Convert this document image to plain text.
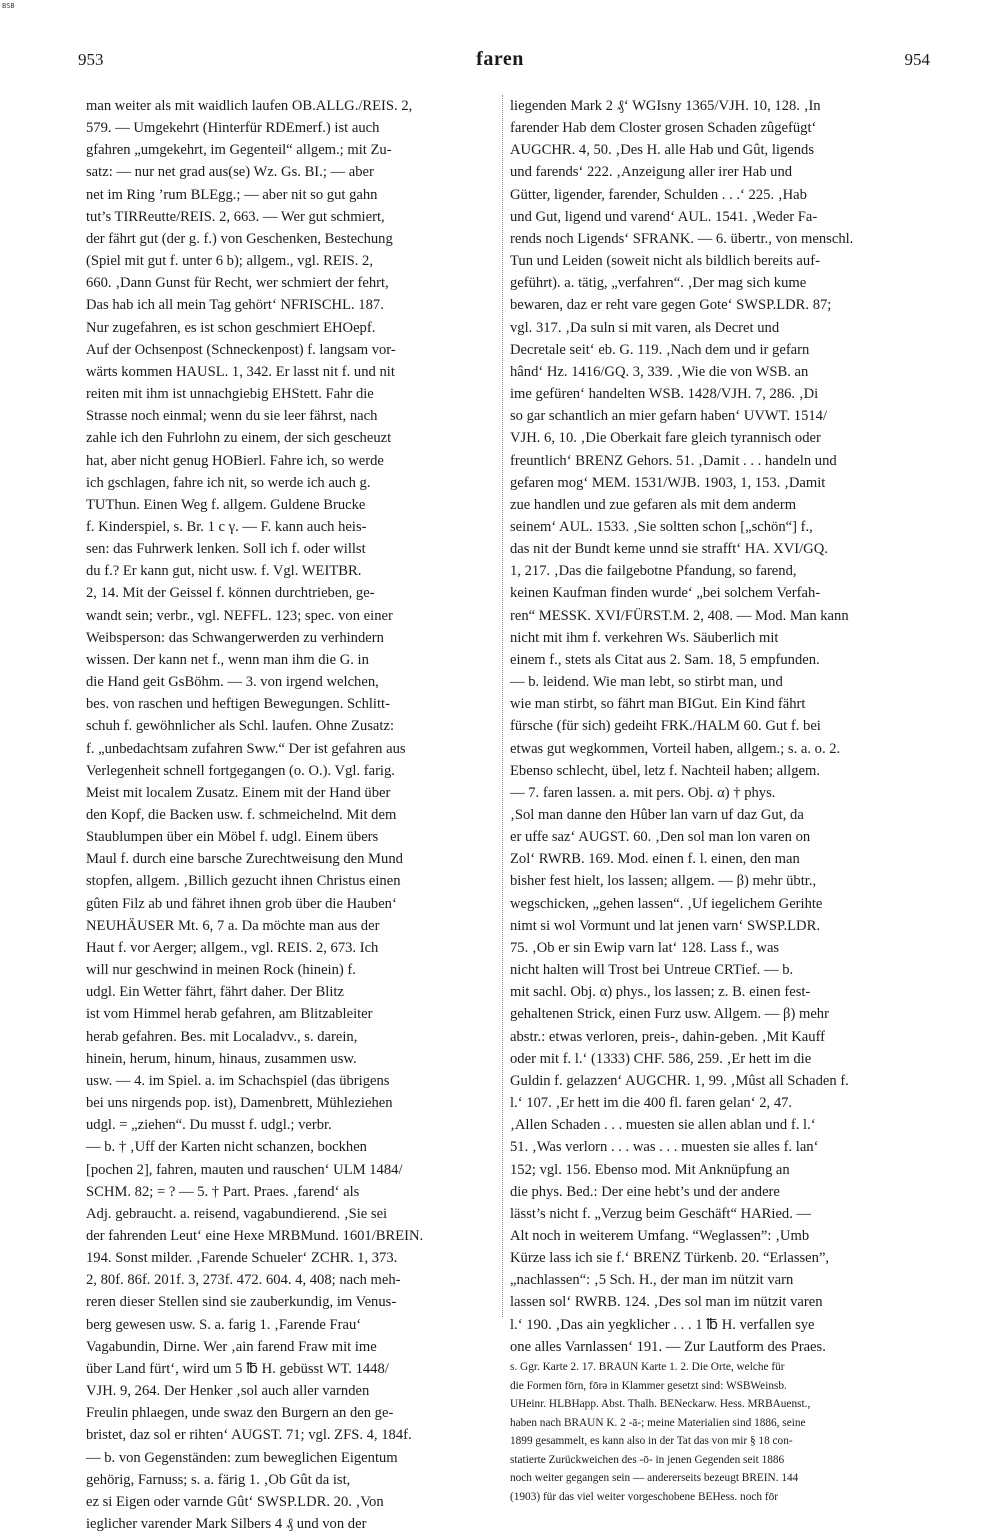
BSB
953	faren	954
man weiter als mit waidlich laufen OB.ALLG./REIS. 2,
579. — Umgekehrt (Hinterfür RDEmerf.) ist auch
gfahren „umgekehrt, im Gegenteil“ allgem.; mit Zu-
satz: — nur net grad aus(se) Wz. Gs. BI.; — aber
net im Ring ’rum BLEgg.; — aber nit so gut gahn
tut’s TIRReutte/REIS. 2, 663. — Wer gut schmiert,
der fährt gut (der g. f.) von Geschenken, Bestechung
(Spiel mit gut f. unter 6 b); allgem., vgl. REIS. 2,
660. ‚Dann Gunst für Recht, wer schmiert der fehrt,
Das hab ich all mein Tag gehört‘ NFRISCHL. 187.
Nur zugefahren, es ist schon geschmiert EHOepf.
Auf der Ochsenpost (Schneckenpost) f. langsam vor-
wärts kommen HAUSL. 1, 342. Er lasst nit f. und nit
reiten mit ihm ist unnachgiebig EHStett. Fahr die
Strasse noch einmal; wenn du sie leer fährst, nach
zahle ich den Fuhrlohn zu einem, der sich gescheuzt
hat, aber nicht genug HOBierl. Fahre ich, so werde
ich gschlagen, fahre ich nit, so werde ich auch g.
TUThun. Einen Weg f. allgem. Guldene Brucke
f. Kinderspiel, s. Br. 1 c γ. — F. kann auch heis-
sen: das Fuhrwerk lenken. Soll ich f. oder willst
du f.? Er kann gut, nicht usw. f. Vgl. WEITBR.
2, 14. Mit der Geissel f. können durchtrieben, ge-
wandt sein; verbr., vgl. NEFFL. 123; spec. von einer
Weibsperson: das Schwangerwerden zu verhindern
wissen. Der kann net f., wenn man ihm die G. in
die Hand geit GsBöhm. — 3. von irgend welchen,
bes. von raschen und heftigen Bewegungen. Schlitt-
schuh f. gewöhnlicher als Schl. laufen. Ohne Zusatz:
f. „unbedachtsam zufahren Sww.“ Der ist gefahren aus
Verlegenheit schnell fortgegangen (o. O.). Vgl. farig.
Meist mit localem Zusatz. Einem mit der Hand über
den Kopf, die Backen usw. f. schmeichelnd. Mit dem
Staublumpen über ein Möbel f. udgl. Einem übers
Maul f. durch eine barsche Zurechtweisung den Mund
stopfen, allgem. ‚Billich gezucht ihnen Christus einen
gûten Filz ab und fähret ihnen grob über die Hauben‘
NEUHÄUSER Mt. 6, 7 a. Da möchte man aus der
Haut f. vor Aerger; allgem., vgl. REIS. 2, 673. Ich
will nur geschwind in meinen Rock (hinein) f.
udgl. Ein Wetter fährt, fährt daher. Der Blitz
ist vom Himmel herab gefahren, am Blitzableiter
herab gefahren. Bes. mit Localadvv., s. darein,
hinein, herum, hinum, hinaus, zusammen usw.
usw. — 4. im Spiel. a. im Schachspiel (das übrigens
bei uns nirgends pop. ist), Damenbrett, Mühleziehen
udgl. = „ziehen“. Du musst f. udgl.; verbr.
— b. † ‚Uff der Karten nicht schanzen, bockhen
[pochen 2], fahren, mauten und rauschen‘ ULM 1484/
SCHM. 82; = ? — 5. † Part. Praes. ‚farend‘ als
Adj. gebraucht. a. reisend, vagabundierend. ‚Sie sei
der fahrenden Leut‘ eine Hexe MRBMund. 1601/BREIN.
194. Sonst milder. ‚Farende Schueler‘ ZCHR. 1, 373.
2, 80f. 86f. 201f. 3, 273f. 472. 604. 4, 408; nach meh-
reren dieser Stellen sind sie zauberkundig, im Venus-
berg gewesen usw. S. a. farig 1. ‚Farende Frau‘
Vagabundin, Dirne. Wer ‚ain farend Fraw mit ime
über Land fürt‘, wird um 5 ℔ H. gebüsst WT. 1448/
VJH. 9, 264. Der Henker ‚sol auch aller varnden
Freulin phlaegen, unde swaz den Burgern an den ge-
bristet, daz sol er rihten‘ AUGST. 71; vgl. ZFS. 4, 184f.
— b. von Gegenständen: zum beweglichen Eigentum
gehörig, Farnuss; s. a. färig 1. ‚Ob Gût da ist,
ez si Eigen oder varnde Gût‘ SWSP.LDR. 20. ‚Von
ieglicher varender Mark Silbers 4 ₰ und von der
liegenden Mark 2 ₰‘ WGIsny 1365/VJH. 10, 128. ‚In
farender Hab dem Closter grosen Schaden zûgefügt‘
AUGCHR. 4, 50. ‚Des H. alle Hab und Gût, ligends
und farends‘ 222. ‚Anzeigung aller irer Hab und
Gütter, ligender, farender, Schulden . . .‘ 225. ‚Hab
und Gut, ligend und varend‘ AUL. 1541. ‚Weder Fa-
rends noch Ligends‘ SFRANK. — 6. übertr., von menschl.
Tun und Leiden (soweit nicht als bildlich bereits auf-
geführt). a. tätig, „verfahren“. ‚Der mag sich kume
bewaren, daz er reht vare gegen Gote‘ SWSP.LDR. 87;
vgl. 317. ‚Da suln si mit varen, als Decret und
Decretale seit‘ eb. G. 119. ‚Nach dem und ir gefarn
hând‘ Hz. 1416/GQ. 3, 339. ‚Wie die von WSB. an
ime gefüren‘ handelten WSB. 1428/VJH. 7, 286. ‚Di
so gar schantlich an mier gefarn haben‘ UVWT. 1514/
VJH. 6, 10. ‚Die Oberkait fare gleich tyrannisch oder
freuntlich‘ BRENZ Gehors. 51. ‚Damit . . . handeln und
gefaren mog‘ MEM. 1531/WJB. 1903, 1, 153. ‚Damit
zue handlen und zue gefaren als mit dem anderm
seinem‘ AUL. 1533. ‚Sie soltten schon [„schön“] f.,
das nit der Bundt keme unnd sie strafft‘ HA. XVI/GQ.
1, 217. ‚Das die failgebotne Pfandung, so farend,
keinen Kaufman finden wurde‘ „bei solchem Verfah-
ren“ MESSK. XVI/FÜRST.M. 2, 408. — Mod. Man kann
nicht mit ihm f. verkehren Ws. Säuberlich mit
einem f., stets als Citat aus 2. Sam. 18, 5 empfunden.
— b. leidend. Wie man lebt, so stirbt man, und
wie man stirbt, so fährt man BIGut. Ein Kind fährt
fürsche (für sich) gedeiht FRK./HALM 60. Gut f. bei
etwas gut wegkommen, Vorteil haben, allgem.; s. a. o. 2.
Ebenso schlecht, übel, letz f. Nachteil haben; allgem.
— 7. faren lassen. a. mit pers. Obj. α) † phys.
‚Sol man danne den Hûber lan varn uf daz Gut, da
er uffe saz‘ AUGST. 60. ‚Den sol man lon varen on
Zol‘ RWRB. 169. Mod. einen f. l. einen, den man
bisher fest hielt, los lassen; allgem. — β) mehr übtr.,
wegschicken, „gehen lassen“. ‚Uf iegelichem Gerihte
nimt si wol Vormunt und lat jenen varn‘ SWSP.LDR.
75. ‚Ob er sin Ewip varn lat‘ 128. Lass f., was
nicht halten will Trost bei Untreue CRTief. — b.
mit sachl. Obj. α) phys., los lassen; z. B. einen fest-
gehaltenen Strick, einen Furz usw. Allgem. — β) mehr
abstr.: etwas verloren, preis-, dahin-geben. ‚Mit Kauff
oder mit f. l.‘ (1333) CHF. 586, 259. ‚Er hett im die
Guldin f. gelazzen‘ AUGCHR. 1, 99. ‚Mûst all Schaden f.
l.‘ 107. ‚Er hett im die 400 fl. faren gelan‘ 2, 47.
‚Allen Schaden . . . muesten sie allen ablan und f. l.‘
51. ‚Was verlorn . . . was . . . muesten sie alles f. lan‘
152; vgl. 156. Ebenso mod. Mit Anknüpfung an
die phys. Bed.: Der eine hebt’s und der andere
lässt’s nicht f. „Verzug beim Geschäft“ HARied. —
Alt noch in weiterem Umfang. “Weglassen”: ‚Umb
Kürze lass ich sie f.‘ BRENZ Türkenb. 20. “Erlassen”,
„nachlassen“: ‚5 Sch. H., der man im nützit varn
lassen sol‘ RWRB. 124. ‚Des sol man im nützit varen
l.‘ 190. ‚Das ain yegklicher . . . 1 ℔ H. verfallen sye
one alles Varnlassen‘ 191. — Zur Lautform des Praes.
s. Ggr. Karte 2. 17. BRAUN Karte 1. 2. Die Orte, welche für
die Formen fōrn, fōrə in Klammer gesetzt sind: WSBWeinsb.
UHeinr. HLBHapp. Abst. Thalh. BENeckarw. Hess. MRBAuenst.,
haben nach BRAUN K. 2 -ā-; meine Materialien sind 1886, seine
1899 gesammelt, es kann also in der Tat das von mir § 18 con-
statierte Zurückweichen des -ō- in jenen Gegenden seit 1886
noch weiter gegangen sein — andererseits bezeugt BREIN. 144
(1903) für das viel weiter vorgeschobene BEHess. noch fōr
